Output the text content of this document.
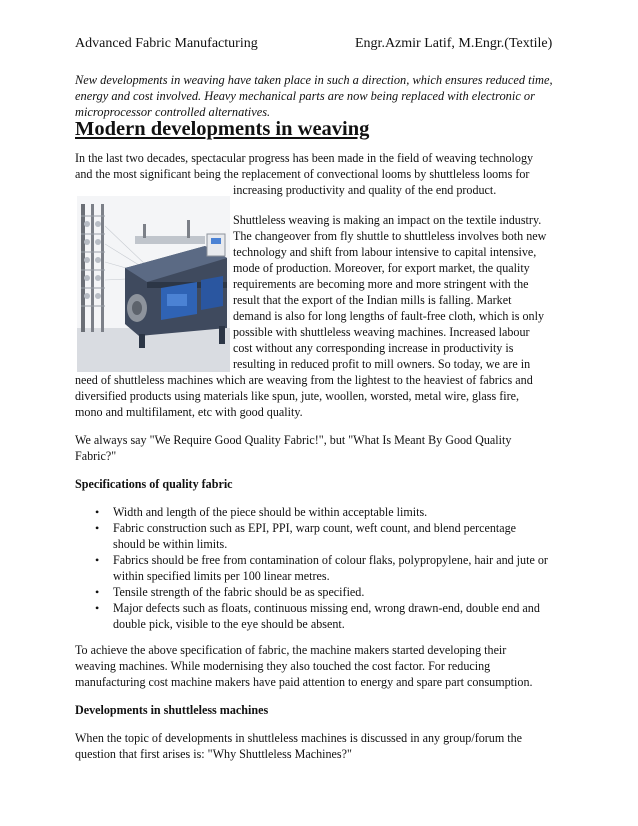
Advanced Fabric Manufacturing	Engr.Azmir Latif, M.Engr.(Textile)
New developments in weaving have taken place in such a direction, which ensures reduced time, energy and cost involved. Heavy mechanical parts are now being replaced with electronic or microprocessor controlled alternatives.
Modern developments in weaving
In the last two decades, spectacular progress has been made in the field of weaving technology
and the most significant being the replacement of convectional looms by shuttleless looms for
increasing productivity and quality of the end product.
Shuttleless weaving is making an impact on the textile industry.
The changeover from fly shuttle to shuttleless involves both new
technology and shift from labour intensive to capital intensive,
mode of production. Moreover, for export market, the quality
requirements are becoming more and more stringent with the
result that the export of the Indian mills is falling. Market
demand is also for long lengths of fault-free cloth, which is only
possible with shuttleless weaving machines. Increased labour
cost without any corresponding increase in productivity is
resulting in reduced profit to mill owners. So today, we are in
need of shuttleless machines which are weaving from the lightest to the heaviest of fabrics and
diversified products using materials like spun, jute, woollen, worsted, metal wire, glass fire,
mono and multifilament, etc with good quality.
We always say "We Require Good Quality Fabric!", but "What Is Meant By Good Quality
Fabric?"
Specifications of quality fabric
• Width and length of the piece should be within acceptable limits.
• Fabric construction such as EPI, PPI, warp count, weft count, and blend percentage
should be within limits.
• Fabrics should be free from contamination of colour flaks, polypropylene, hair and jute or
within specified limits per 100 linear metres.
• Tensile strength of the fabric should be as specified.
• Major defects such as floats, continuous missing end, wrong drawn-end, double end and
double pick, visible to the eye should be absent.
To achieve the above specification of fabric, the machine makers started developing their
weaving machines. While modernising they also touched the cost factor. For reducing
manufacturing cost machine makers have paid attention to energy and spare part consumption.
Developments in shuttleless machines
When the topic of developments in shuttleless machines is discussed in any group/forum the
question that first arises is: "Why Shuttleless Machines?"
